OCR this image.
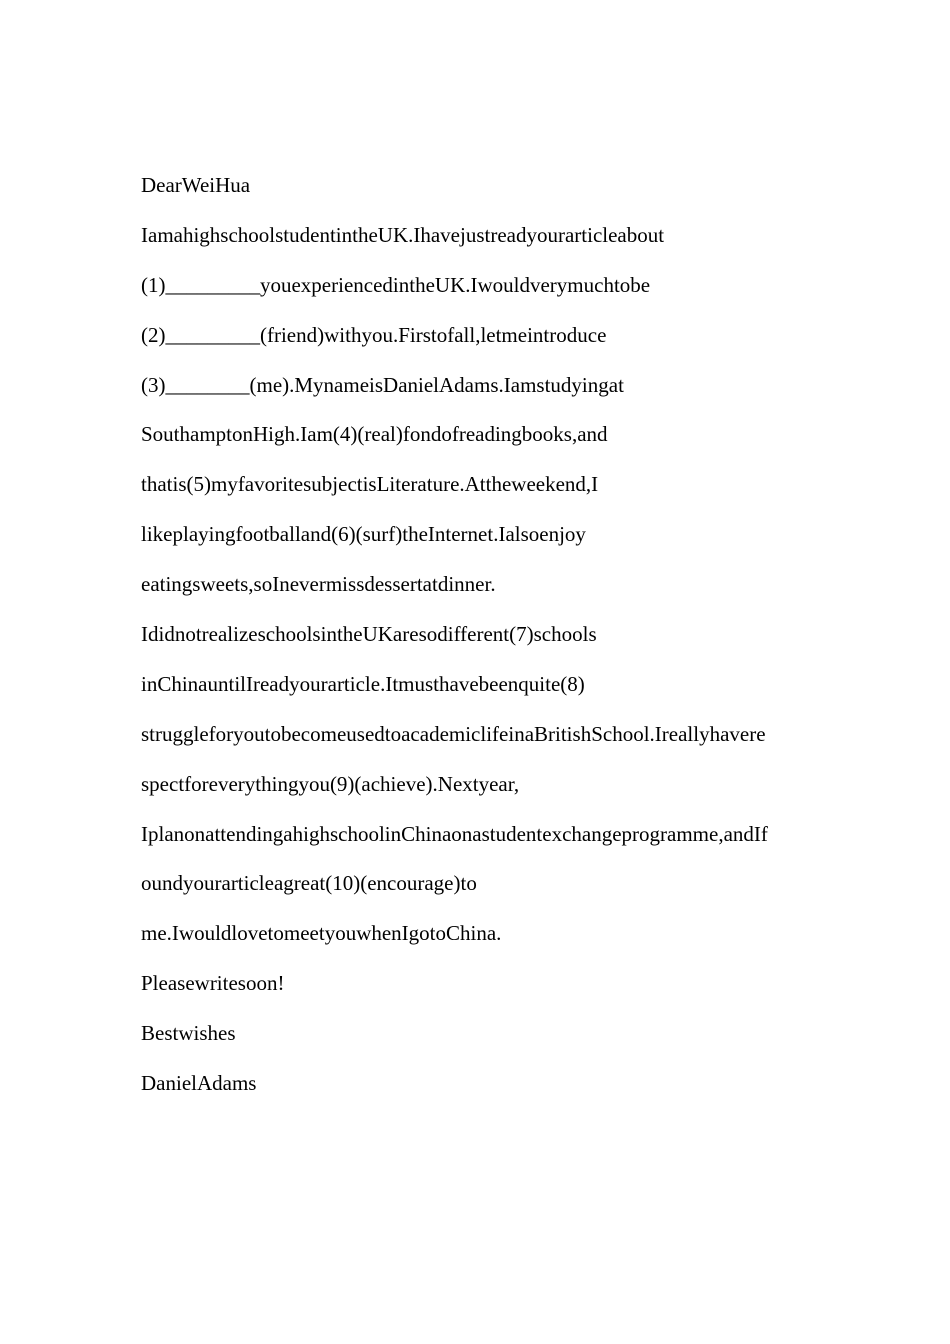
DearWeiHua
IamahighschoolstudentintheUK.Ihavejustreadyourarticleabout
(1)_________youexperiencedintheUK.Iwouldverymuchtobe
(2)_________(friend)withyou.Firstofall,letmeintroduce
(3)________(me).MynameisDanielAdams.Iamstudyingat
SouthamptonHigh.Iam(4)(real)fondofreadingbooks,and
thatis(5)myfavoritesubjectisLiterature.Attheweekend,I
likeplayingfootballand(6)(surf)theInternet.Ialsoenjoy
eatingsweets,soInevermissdessertatdinner.
IdidnotrealizeschoolsintheUKaresodifferent(7)schools
inChinauntilIreadyourarticle.Itmusthavebeenquite(8)
struggleforyoutobecomeusedtoacademiclifeinaBritishSchool.Ireallyhavere
spectforeverythingyou(9)(achieve).Nextyear,
IplanonattendingahighschoolinChinaonastudentexchangeprogramme,andIf
oundyourarticleagreat(10)(encourage)to
me.IwouldlovetomeetyouwhenIgotoChina.
Pleasewritesoon!
Bestwishes
DanielAdams
